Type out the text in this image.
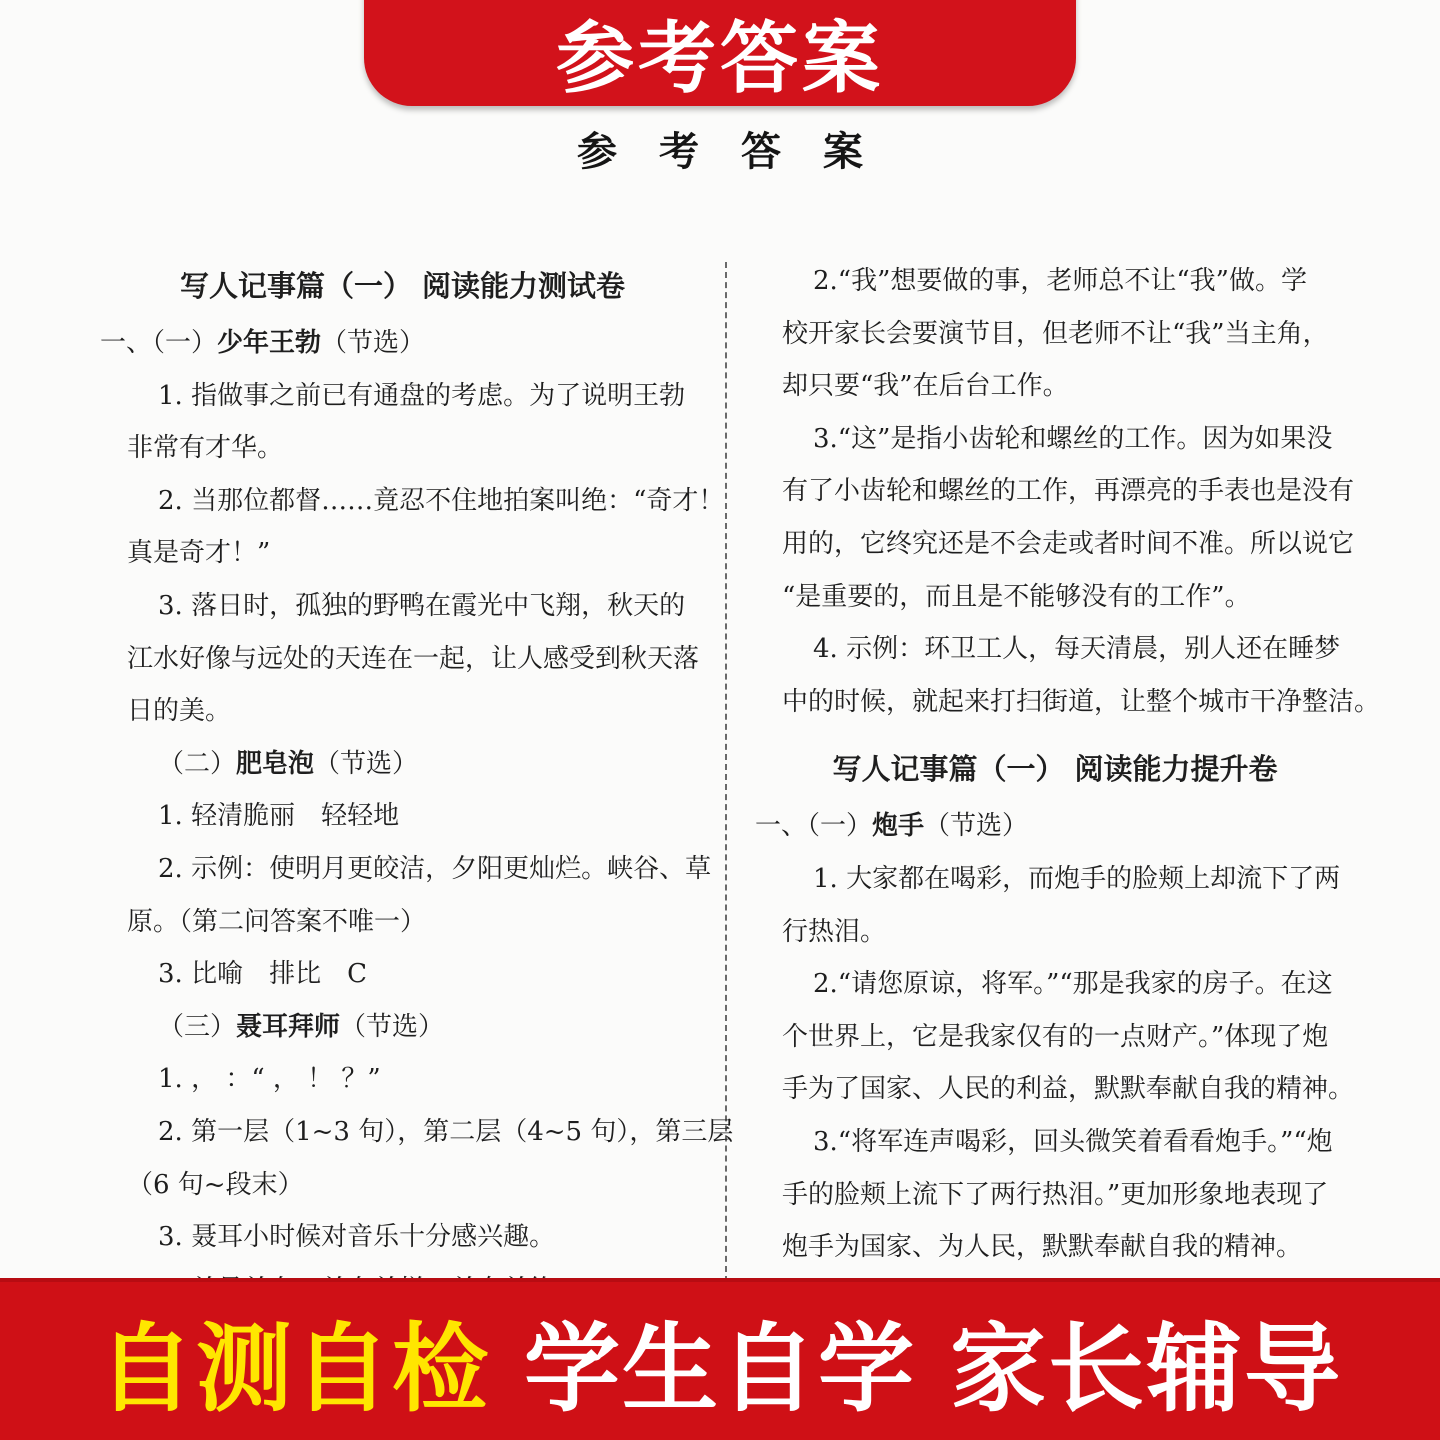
参考答案
参考答案
写人记事篇（一） 阅读能力测试卷
一、（一）少年王勃（节选）
1. 指做事之前已有通盘的考虑。为了说明王勃
非常有才华。
2. 当那位都督……竟忍不住地拍案叫绝：“奇才！
真是奇才！”
3. 落日时，孤独的野鸭在霞光中飞翔，秋天的
江水好像与远处的天连在一起，让人感受到秋天落
日的美。
（二）肥皂泡（节选）
1. 轻清脆丽　轻轻地
2. 示例：使明月更皎洁，夕阳更灿烂。峡谷、草
原。（第二问答案不唯一）
3. 比喻　排比　C
（三）聂耳拜师（节选）
1. ， ：“ ， ！ ？”
2. 第一层（1~3 句），第二层（4~5 句），第三层
（6 句~段末）
3. 聂耳小时候对音乐十分感兴趣。
2.“我”想要做的事，老师总不让“我”做。学
校开家长会要演节目，但老师不让“我”当主角，
却只要“我”在后台工作。
3.“这”是指小齿轮和螺丝的工作。因为如果没
有了小齿轮和螺丝的工作，再漂亮的手表也是没有
用的，它终究还是不会走或者时间不准。所以说它
“是重要的，而且是不能够没有的工作”。
4. 示例：环卫工人，每天清晨，别人还在睡梦
中的时候，就起来打扫街道，让整个城市干净整洁。
写人记事篇（一） 阅读能力提升卷
一、（一）炮手（节选）
1. 大家都在喝彩，而炮手的脸颊上却流下了两
行热泪。
2.“请您原谅，将军。”“那是我家的房子。在这
个世界上，它是我家仅有的一点财产。”体现了炮
手为了国家、人民的利益，默默奉献自我的精神。
3.“将军连声喝彩，回头微笑着看看炮手。”“炮
手的脸颊上流下了两行热泪。”更加形象地表现了
炮手为国家、为人民，默默奉献自我的精神。
自测自检 学生自学 家长辅导
